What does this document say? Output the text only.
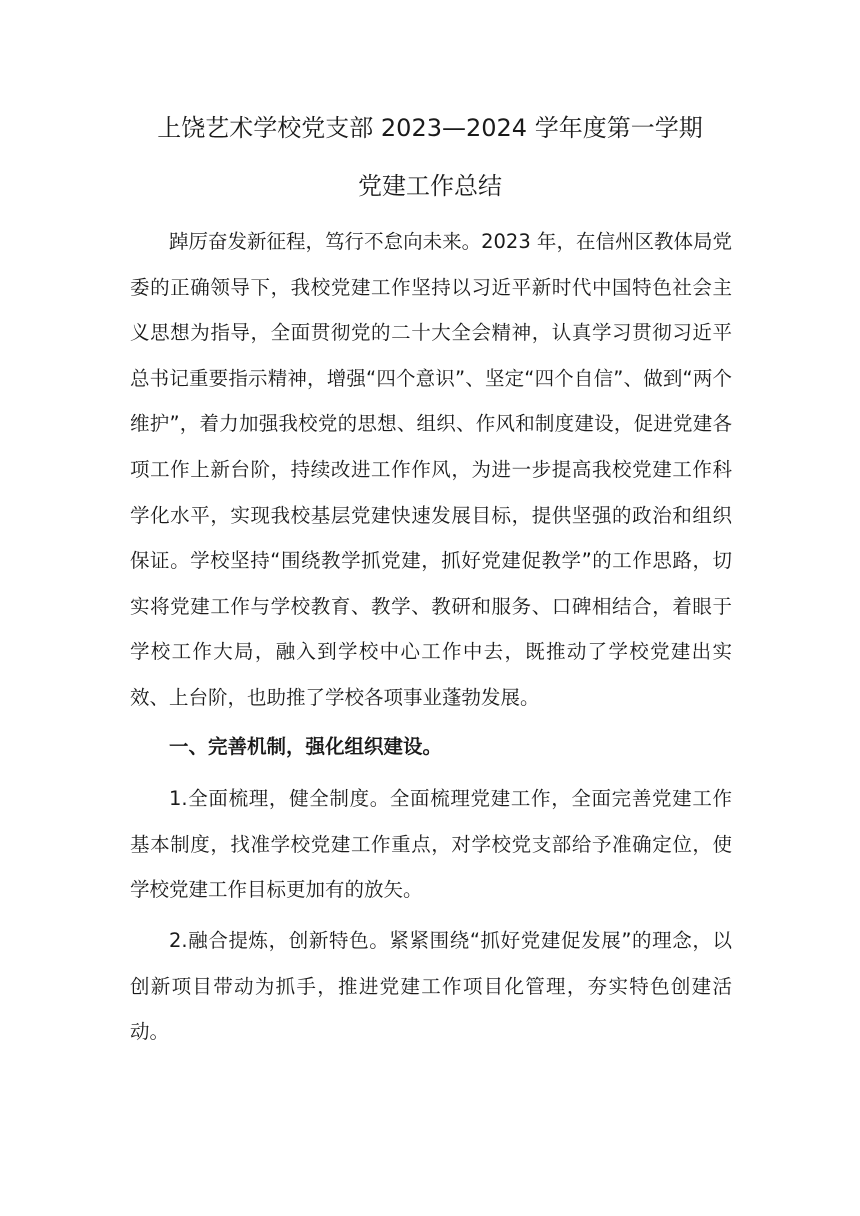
上饶艺术学校党支部 2023—2024 学年度第一学期
党建工作总结

踔厉奋发新征程，笃行不怠向未来。2023 年，在信州区教体局党委的正确领导下，我校党建工作坚持以习近平新时代中国特色社会主义思想为指导，全面贯彻党的二十大全会精神，认真学习贯彻习近平总书记重要指示精神，增强“四个意识”、坚定“四个自信”、做到“两个维护”，着力加强我校党的思想、组织、作风和制度建设，促进党建各项工作上新台阶，持续改进工作作风，为进一步提高我校党建工作科学化水平，实现我校基层党建快速发展目标，提供坚强的政治和组织保证。学校坚持“围绕教学抓党建，抓好党建促教学”的工作思路，切实将党建工作与学校教育、教学、教研和服务、口碑相结合，着眼于学校工作大局，融入到学校中心工作中去，既推动了学校党建出实效、上台阶，也助推了学校各项事业蓬勃发展。

一、完善机制，强化组织建设。

1.全面梳理，健全制度。全面梳理党建工作，全面完善党建工作基本制度，找准学校党建工作重点，对学校党支部给予准确定位，使学校党建工作目标更加有的放矢。

2.融合提炼，创新特色。紧紧围绕“抓好党建促发展”的理念，以创新项目带动为抓手，推进党建工作项目化管理，夯实特色创建活动。
